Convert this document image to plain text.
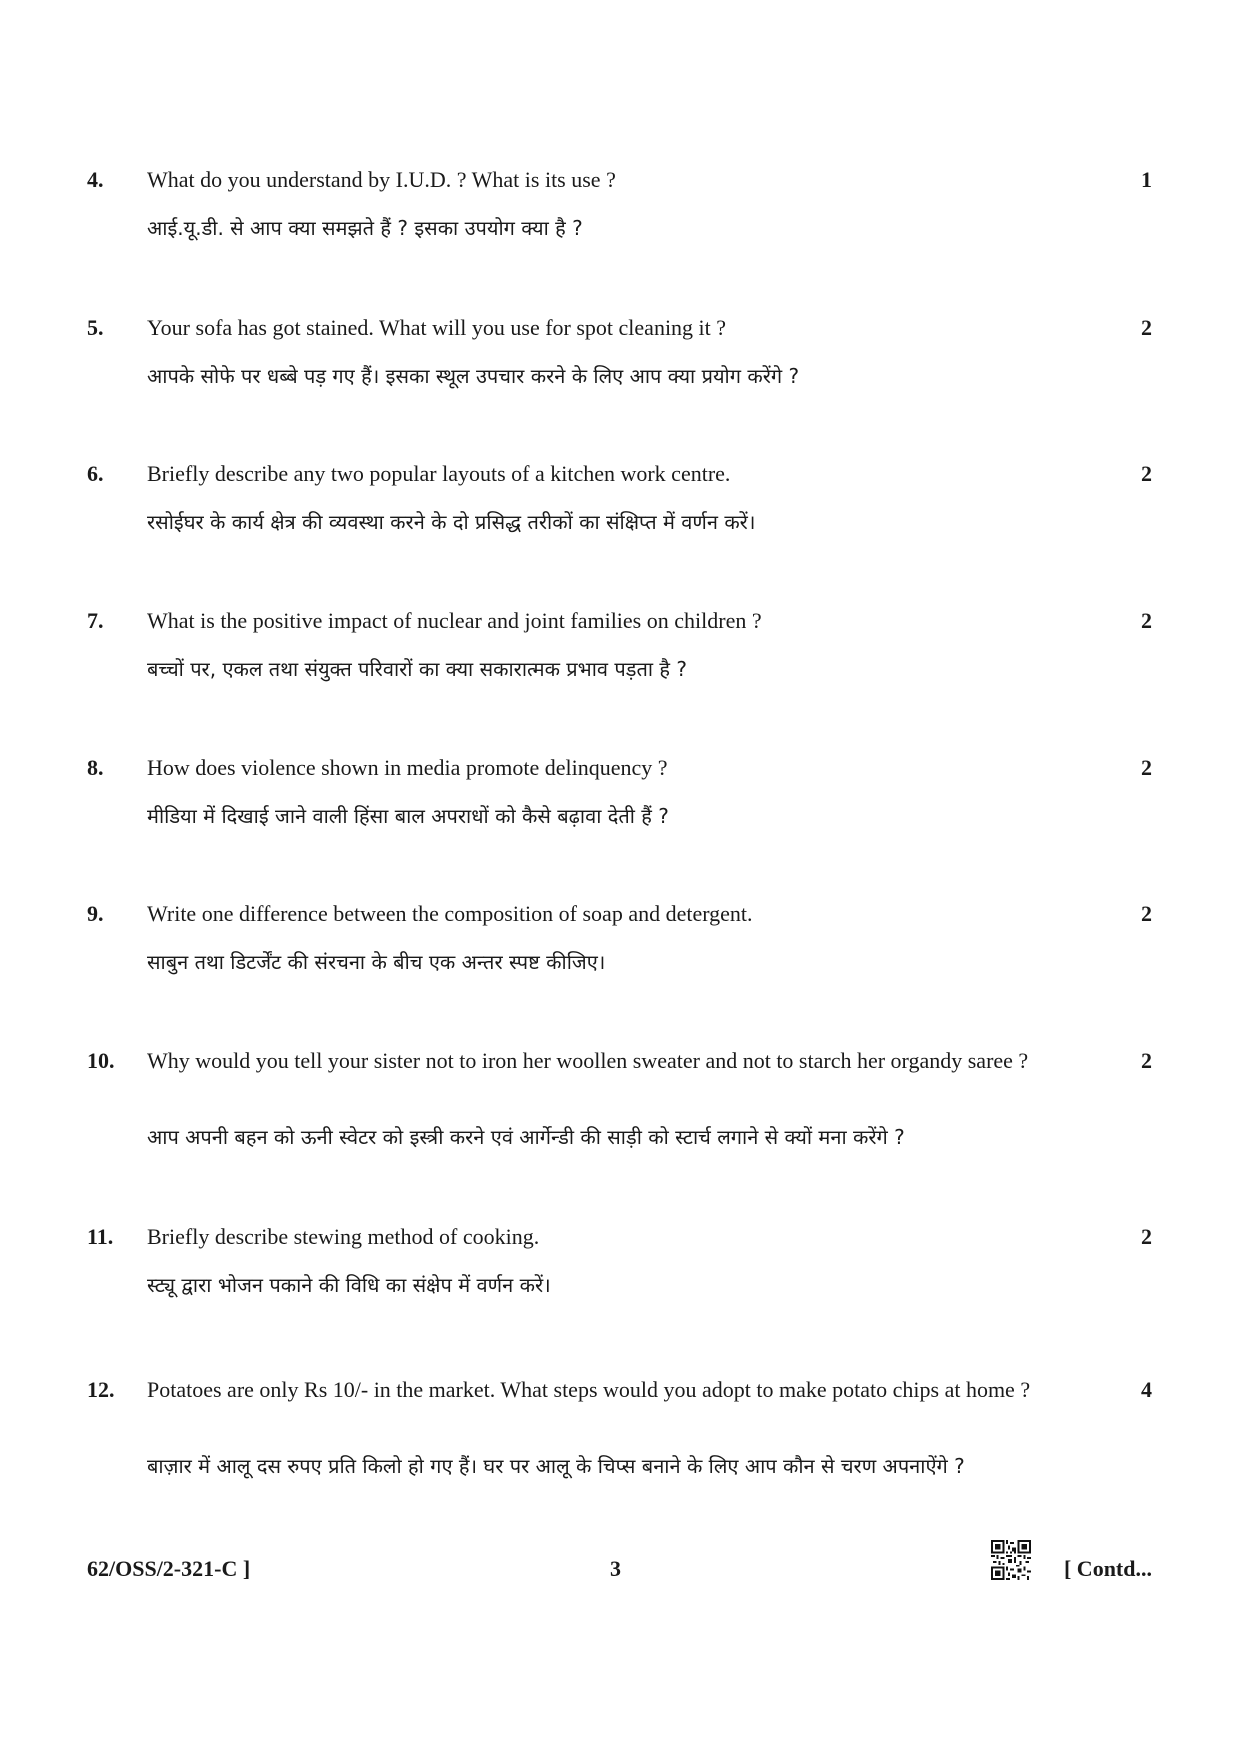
4. What do you understand by I.U.D. ? What is its use ?	1
आई.यू.डी. से आप क्या समझते हैं ? इसका उपयोग क्या है ?
5. Your sofa has got stained. What will you use for spot cleaning it ?	2
आपके सोफे पर धब्बे पड़ गए हैं। इसका स्थूल उपचार करने के लिए आप क्या प्रयोग करेंगे ?
6. Briefly describe any two popular layouts of a kitchen work centre.	2
रसोईघर के कार्य क्षेत्र की व्यवस्था करने के दो प्रसिद्ध तरीकों का संक्षिप्त में वर्णन करें।
7. What is the positive impact of nuclear and joint families on children ?	2
बच्चों पर, एकल तथा संयुक्त परिवारों का क्या सकारात्मक प्रभाव पड़ता है ?
8. How does violence shown in media promote delinquency ?	2
मीडिया में दिखाई जाने वाली हिंसा बाल अपराधों को कैसे बढ़ावा देती हैं ?
9. Write one difference between the composition of soap and detergent.	2
साबुन तथा डिटर्जेंट की संरचना के बीच एक अन्तर स्पष्ट कीजिए।
10. Why would you tell your sister not to iron her woollen sweater and not to starch her organdy saree ?	2
आप अपनी बहन को ऊनी स्वेटर को इस्त्री करने एवं आर्गेन्डी की साड़ी को स्टार्च लगाने से क्यों मना करेंगे ?
11. Briefly describe stewing method of cooking.	2
स्ट्यू द्वारा भोजन पकाने की विधि का संक्षेप में वर्णन करें।
12. Potatoes are only Rs 10/- in the market. What steps would you adopt to make potato chips at home ?	4
बाज़ार में आलू दस रुपए प्रति किलो हो गए हैं। घर पर आलू के चिप्स बनाने के लिए आप कौन से चरण अपनाऐंगे ?
62/OSS/2-321-C ]	3	[ Contd...
